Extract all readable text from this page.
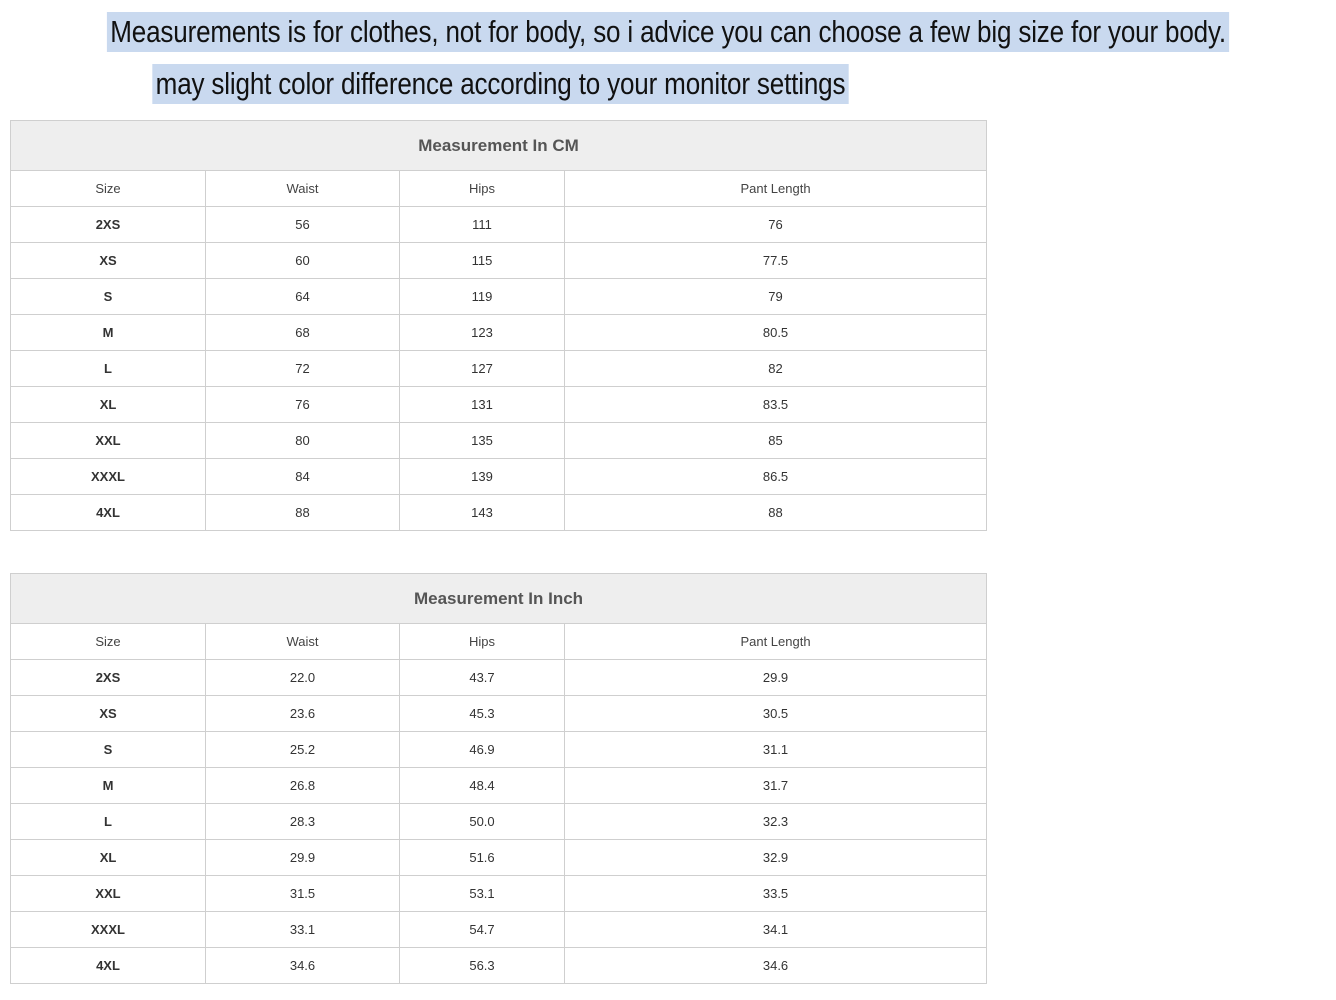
Measurements is for clothes, not for body, so i advice you can choose a few big size for your body.
may slight color difference according to your monitor settings
Measurement In CM			
Size	Waist	Hips	Pant Length
2XS	56	111	76
XS	60	115	77.5
S	64	119	79
M	68	123	80.5
L	72	127	82
XL	76	131	83.5
XXL	80	135	85
XXXL	84	139	86.5
4XL	88	143	88
Measurement In Inch			
Size	Waist	Hips	Pant Length
2XS	22.0	43.7	29.9
XS	23.6	45.3	30.5
S	25.2	46.9	31.1
M	26.8	48.4	31.7
L	28.3	50.0	32.3
XL	29.9	51.6	32.9
XXL	31.5	53.1	33.5
XXXL	33.1	54.7	34.1
4XL	34.6	56.3	34.6
